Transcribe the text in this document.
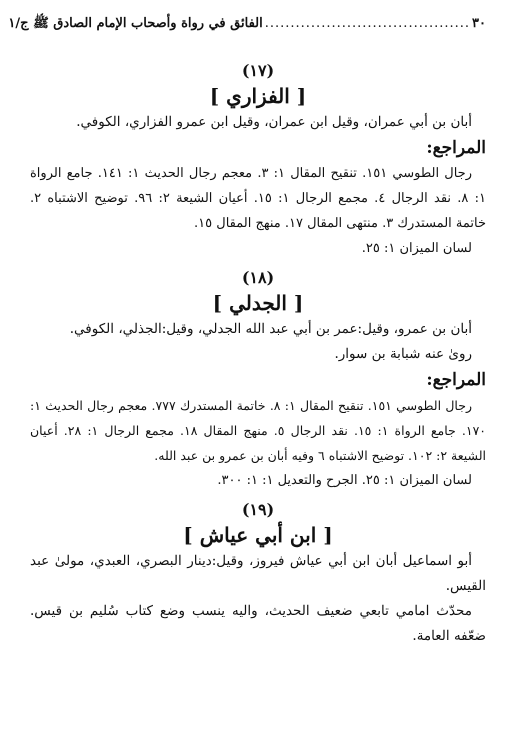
٣٠
........................................
الفائق في رواة وأصحاب الإمام الصادق ﷺ ج/١
(١٧)
[ الفزاري ]

أبان بن أبي عمران، وقيل ابن عمران، وقيل ابن عمرو الفزاري، الكوفي.

المراجع:

رجال الطوسي ١٥١. تنقيح المقال ١: ٣. معجم رجال الحديث ١: ١٤١. جامع الرواة ١: ٨. نقد الرجال ٤. مجمع الرجال ١: ١٥. أعيان الشيعة ٢: ٩٦. توضيح الاشتباه ٢. خاتمة المستدرك ٣. منتهى المقال ١٧. منهج المقال ١٥.

لسان الميزان ١: ٢٥.

(١٨)
[ الجدلي ]

أبان بن عمرو، وقيل:عمر بن أبي عبد الله الجدلي، وقيل:الجذلي، الكوفي.

رویٰ عنه شبابة بن سوار.

المراجع:

رجال الطوسي ١٥١. تنقيح المقال ١: ٨. خاتمة المستدرك ٧٧٧. معجم رجال الحديث ١: ١٧٠. جامع الرواة ١: ١٥. نقد الرجال ٥. منهج المقال ١٨. مجمع الرجال ١: ٢٨. أعيان الشيعة ٢: ١٠٢. توضيح الاشتباه ٦ وفيه أبان بن عمرو بن عبد الله.

لسان الميزان ١: ٢٥. الجرح والتعديل ١: ١: ٣٠٠.

(١٩)
[ ابن أبي عياش ]

أبو اسماعيل أبان ابن أبي عياش فيروز، وقيل:دينار البصري، العبدي، مولیٰ عبد القيس.

محدّث امامي تابعي ضعيف الحديث، واليه ينسب وضع كتاب سُليم بن قيس. ضعّفه العامة.
